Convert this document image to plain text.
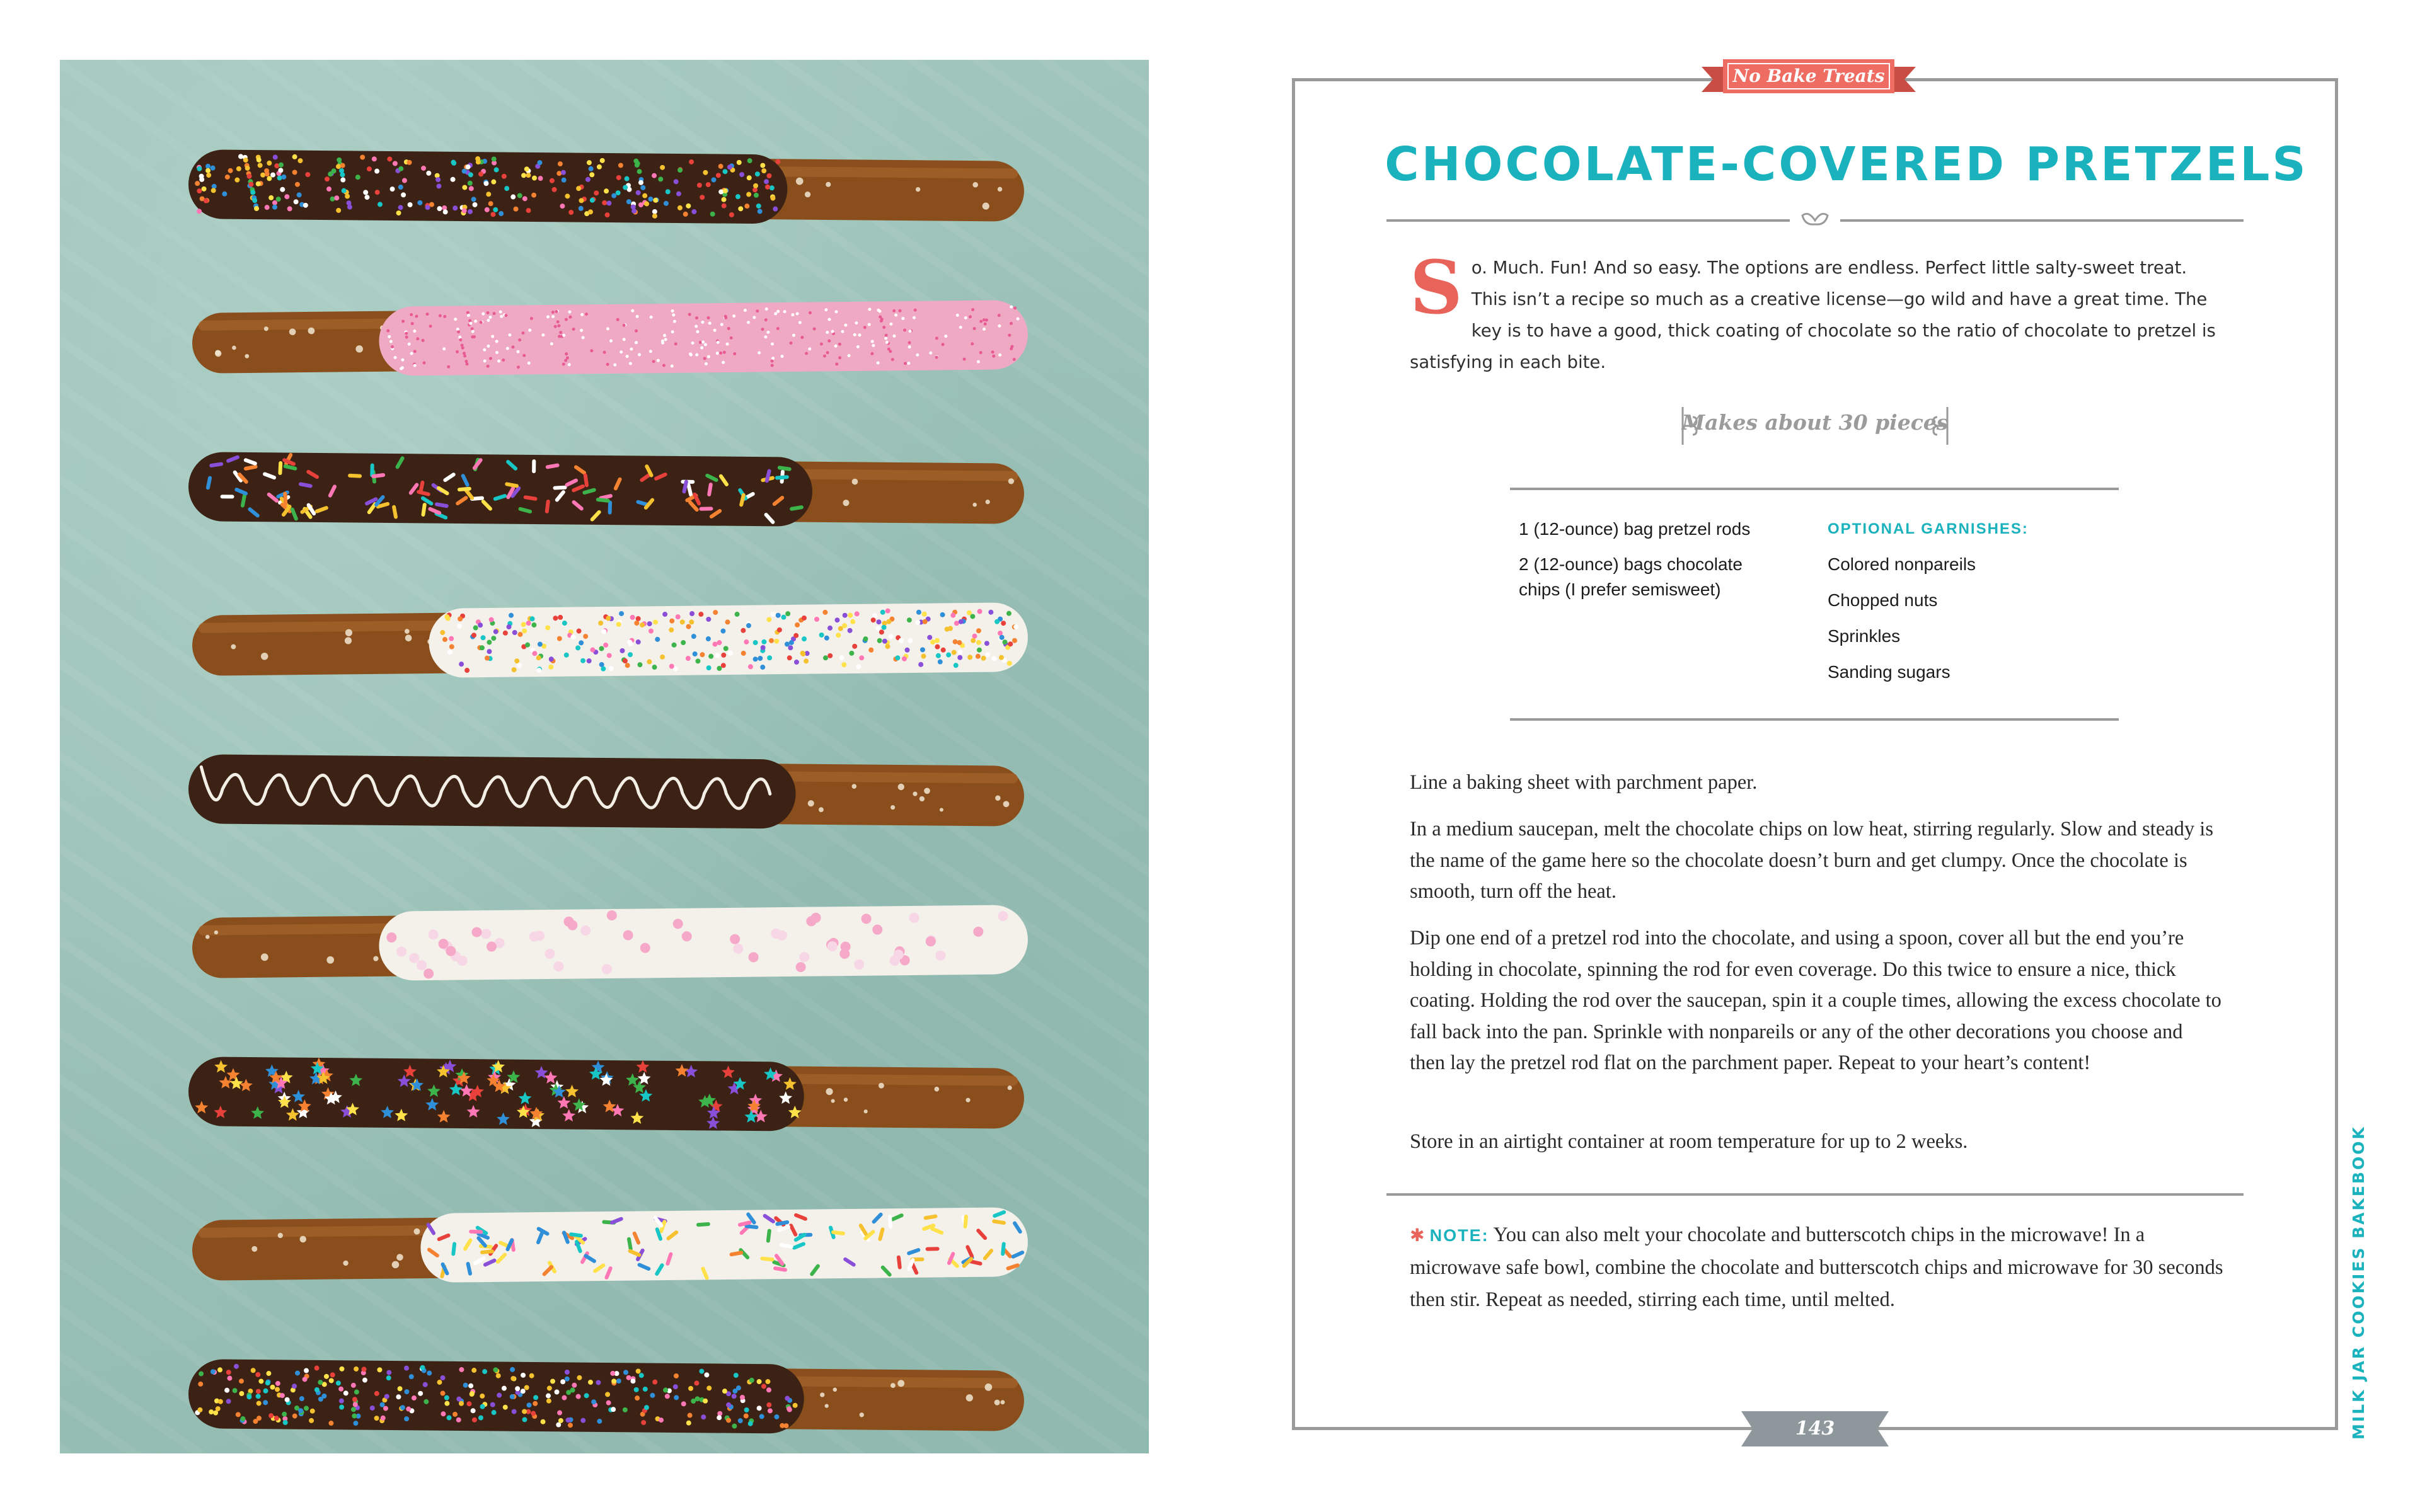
No Bake Treats
CHOCOLATE-COVERED PRETZELS

So. Much. Fun! And so easy. The options are endless. Perfect little salty-sweet treat. This isn’t a recipe so much as a creative license—go wild and have a great time. The key is to have a good, thick coating of chocolate so the ratio of chocolate to pretzel is satisfying in each bite.

Makes about 30 pieces

1 (12-ounce) bag pretzel rods

2 (12-ounce) bags chocolate chips (I prefer semisweet)

OPTIONAL GARNISHES:
Colored nonpareils
Chopped nuts
Sprinkles
Sanding sugars

Line a baking sheet with parchment paper.

In a medium saucepan, melt the chocolate chips on low heat, stirring regularly. Slow and steady is the name of the game here so the chocolate doesn’t burn and get clumpy. Once the chocolate is smooth, turn off the heat.

Dip one end of a pretzel rod into the chocolate, and using a spoon, cover all but the end you’re holding in chocolate, spinning the rod for even coverage. Do this twice to ensure a nice, thick coating. Holding the rod over the saucepan, spin it a couple times, allowing the excess chocolate to fall back into the pan. Sprinkle with nonpareils or any of the other decorations you choose and then lay the pretzel rod flat on the parchment paper. Repeat to your heart’s content!

Store in an airtight container at room temperature for up to 2 weeks.

✱ NOTE: You can also melt your chocolate and butterscotch chips in the microwave! In a microwave safe bowl, combine the chocolate and butterscotch chips and microwave for 30 seconds then stir. Repeat as needed, stirring each time, until melted.

143	MILK JAR COOKIES BAKEBOOK
